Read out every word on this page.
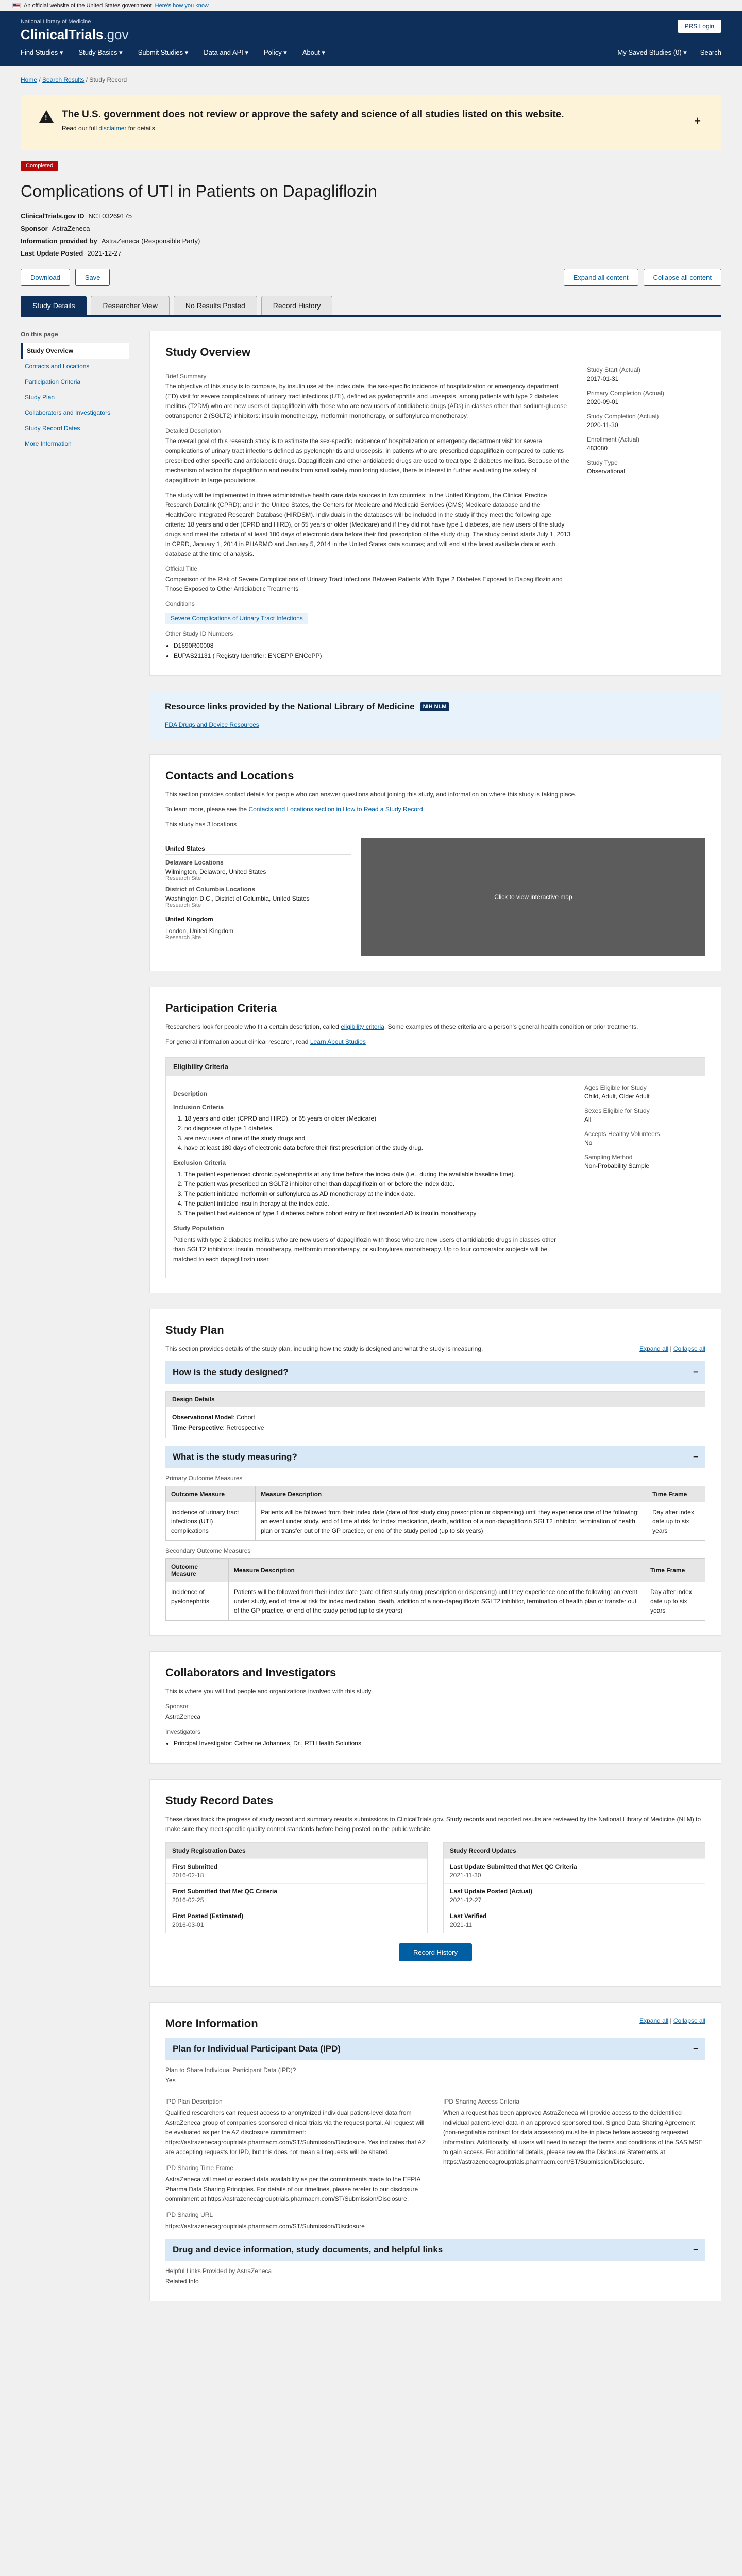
An official website of the United States government Here's how you know
National Library of Medicine
ClinicalTrials.gov
PRS Login
Find Studies ▾ Study Basics ▾ Submit Studies ▾ Data and API ▾ Policy ▾ About ▾	My Saved Studies (0) ▾ Search
Home / Search Results / Study Record
!
The U.S. government does not review or approve the safety and science of all studies listed on this website.
Read our full disclaimer for details.
+
Completed
Complications of UTI in Patients on Dapagliflozin
ClinicalTrials.gov ID NCT03269175
Sponsor AstraZeneca
Information provided by AstraZeneca (Responsible Party)
Last Update Posted 2021-12-27
Download	Save	Expand all content	Collapse all content
Study Details	Researcher View	No Results Posted	Record History
On this page
Study Overview
Contacts and Locations
Participation Criteria
Study Plan
Collaborators and Investigators
Study Record Dates
More Information
Study Overview
Brief Summary

The objective of this study is to compare, by insulin use at the index date, the sex-specific incidence of hospitalization or emergency department (ED) visit for severe complications of urinary tract infections (UTI), defined as pyelonephritis and urosepsis, among patients with type 2 diabetes mellitus (T2DM) who are new users of dapagliflozin with those who are new users of antidiabetic drugs (ADs) in classes other than sodium-glucose cotransporter 2 (SGLT2) inhibitors: insulin monotherapy, metformin monotherapy, or sulfonylurea monotherapy.

Detailed Description

The overall goal of this research study is to estimate the sex-specific incidence of hospitalization or emergency department visit for severe complications of urinary tract infections defined as pyelonephritis and urosepsis, in patients who are prescribed dapagliflozin compared to patients prescribed other specific and antidiabetic drugs. Dapagliflozin and other antidiabetic drugs are used to treat type 2 diabetes mellitus. Because of the mechanism of action for dapagliflozin and results from small safety monitoring studies, there is interest in further evaluating the safety of dapagliflozin in large populations.

The study will be implemented in three administrative health care data sources in two countries: in the United Kingdom, the Clinical Practice Research Datalink (CPRD); and in the United States, the Centers for Medicare and Medicaid Services (CMS) Medicare database and the HealthCore Integrated Research Database (HIRDSM). Individuals in the databases will be included in the study if they meet the following age criteria: 18 years and older (CPRD and HIRD), or 65 years or older (Medicare) and if they did not have type 1 diabetes, are new users of the study drugs and meet the criteria of at least 180 days of electronic data before their first prescription of the study drug. The study period starts July 1, 2013 in CPRD, January 1, 2014 in PHARMO and January 5, 2014 in the United States data sources; and will end at the latest available data at each database at the time of analysis.

Official Title

Comparison of the Risk of Severe Complications of Urinary Tract Infections Between Patients With Type 2 Diabetes Exposed to Dapagliflozin and Those Exposed to Other Antidiabetic Treatments

Conditions
Severe Complications of Urinary Tract Infections
Other Study ID Numbers
• D1690R00008
• EUPAS21131 ( Registry Identifier: ENCEPP ENCePP)
Study Start (Actual)
2017-01-31
Primary Completion (Actual)
2020-09-01
Study Completion (Actual)
2020-11-30
Enrollment (Actual)
483080
Study Type
Observational
Resource links provided by the National Library of Medicine	NIH NLM
FDA Drugs and Device Resources
Contacts and Locations

This section provides contact details for people who can answer questions about joining this study, and information on where this study is taking place.

To learn more, please see the Contacts and Locations section in How to Read a Study Record

This study has 3 locations

United States
Delaware Locations
Wilmington, Delaware, United States
Research Site
District of Columbia Locations
Washington D.C., District of Columbia, United States
Research Site
United Kingdom
London, United Kingdom
Research Site
Click to view interactive map
Participation Criteria

Researchers look for people who fit a certain description, called eligibility criteria. Some examples of these criteria are a person's general health condition or prior treatments.

For general information about clinical research, read Learn About Studies

Eligibility Criteria
Description
Inclusion Criteria
1. 18 years and older (CPRD and HIRD), or 65 years or older (Medicare)
2. no diagnoses of type 1 diabetes,
3. are new users of one of the study drugs and
4. have at least 180 days of electronic data before their first prescription of the study drug.
Exclusion Criteria
1. The patient experienced chronic pyelonephritis at any time before the index date (i.e., during the available baseline time).
2. The patient was prescribed an SGLT2 inhibitor other than dapagliflozin on or before the index date.
3. The patient initiated metformin or sulfonylurea as AD monotherapy at the index date.
4. The patient initiated insulin therapy at the index date.
5. The patient had evidence of type 1 diabetes before cohort entry or first recorded AD is insulin monotherapy
Study Population

Patients with type 2 diabetes mellitus who are new users of dapagliflozin with those who are new users of antidiabetic drugs in classes other than SGLT2 inhibitors: insulin monotherapy, metformin monotherapy, or sulfonylurea monotherapy. Up to four comparator subjects will be matched to each dapagliflozin user.

Ages Eligible for Study
Child, Adult, Older Adult
Sexes Eligible for Study
All
Accepts Healthy Volunteers
No
Sampling Method
Non-Probability Sample
Study Plan

This section provides details of the study plan, including how the study is designed and what the study is measuring.	Expand all | Collapse all

How is the study designed?	−
Design Details
Observational Model: Cohort
Time Perspective: Retrospective
What is the study measuring?	−
Primary Outcome Measures
Outcome Measure	Measure Description	Time Frame
Incidence of urinary tract infections (UTI) complications	Patients will be followed from their index date (date of first study drug prescription or dispensing) until they experience one of the following: an event under study, end of time at risk for index medication, death, addition of a non-dapagliflozin SGLT2 inhibitor, termination of health plan or transfer out of the GP practice, or end of the study period (up to six years)	Day after index date up to six years
Secondary Outcome Measures
Outcome Measure	Measure Description	Time Frame
Incidence of pyelonephritis	Patients will be followed from their index date (date of first study drug prescription or dispensing) until they experience one of the following: an event under study, end of time at risk for index medication, death, addition of a non-dapagliflozin SGLT2 inhibitor, termination of health plan or transfer out of the GP practice, or end of the study period (up to six years)	Day after index date up to six years
Collaborators and Investigators

This is where you will find people and organizations involved with this study.

Sponsor
AstraZeneca
Investigators
• Principal Investigator: Catherine Johannes, Dr., RTI Health Solutions
Study Record Dates

These dates track the progress of study record and summary results submissions to ClinicalTrials.gov. Study records and reported results are reviewed by the National Library of Medicine (NLM) to make sure they meet specific quality control standards before being posted on the public website.

Study Registration Dates
First Submitted
2016-02-18
First Submitted that Met QC Criteria
2016-02-25
First Posted (Estimated)
2016-03-01
Study Record Updates
Last Update Submitted that Met QC Criteria
2021-11-30
Last Update Posted (Actual)
2021-12-27
Last Verified
2021-11
Record History
More Information	Expand all | Collapse all
Plan for Individual Participant Data (IPD)	−
Plan to Share Individual Participant Data (IPD)?
Yes
IPD Plan Description

Qualified researchers can request access to anonymized individual patient-level data from AstraZeneca group of companies sponsored clinical trials via the request portal. All request will be evaluated as per the AZ disclosure commitment: https://astrazenecagrouptrials.pharmacm.com/ST/Submission/Disclosure. Yes indicates that AZ are accepting requests for IPD, but this does not mean all requests will be shared.

IPD Sharing Time Frame

AstraZeneca will meet or exceed data availability as per the commitments made to the EFPIA Pharma Data Sharing Principles. For details of our timelines, please rerefer to our disclosure commitment at https://astrazenecagrouptrials.pharmacm.com/ST/Submission/Disclosure.

IPD Sharing URL
https://astrazenecagrouptrials.pharmacm.com/ST/Submission/Disclosure
IPD Sharing Access Criteria

When a request has been approved AstraZeneca will provide access to the deidentified individual patient-level data in an approved sponsored tool. Signed Data Sharing Agreement (non-negotiable contract for data accessors) must be in place before accessing requested information. Additionally, all users will need to accept the terms and conditions of the SAS MSE to gain access. For additional details, please review the Disclosure Statements at https://astrazenecagrouptrials.pharmacm.com/ST/Submission/Disclosure.

Drug and device information, study documents, and helpful links	−
Helpful Links Provided by AstraZeneca
Related Info
